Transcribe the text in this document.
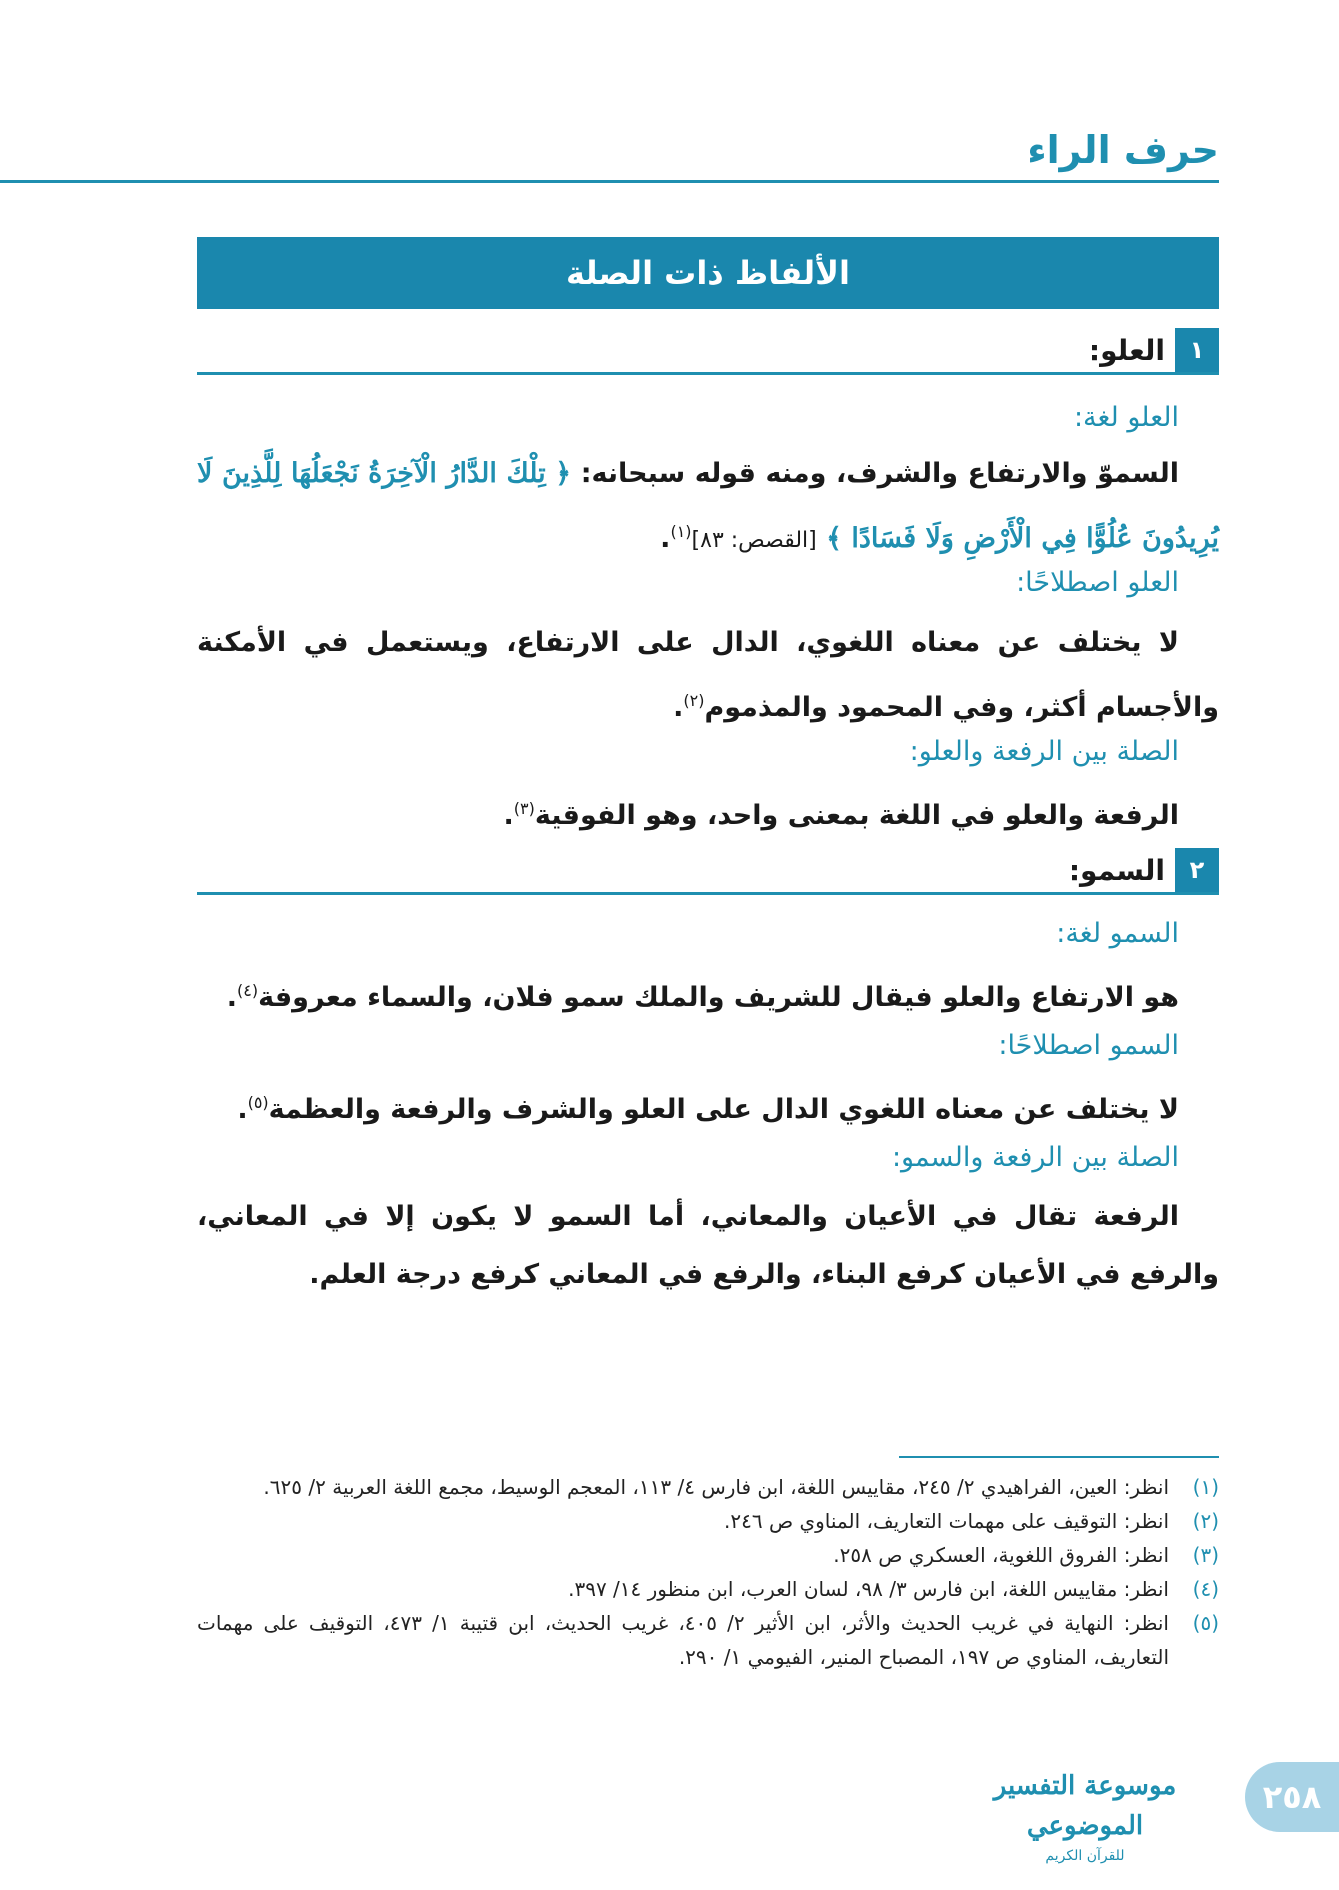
حرف الراء
الألفاظ ذات الصلة
١
العلو:
العلو لغة:
السموّ والارتفاع والشرف، ومنه قوله سبحانه: ﴿ تِلْكَ الدَّارُ الْآخِرَةُ نَجْعَلُهَا لِلَّذِينَ لَا يُرِيدُونَ عُلُوًّا فِي الْأَرْضِ وَلَا فَسَادًا ﴾ [القصص: ٨٣]$^{(١)}$.
العلو اصطلاحًا:
لا يختلف عن معناه اللغوي، الدال على الارتفاع، ويستعمل في الأمكنة والأجسام أكثر، وفي المحمود والمذموم$^{(٢)}$.
الصلة بين الرفعة والعلو:
الرفعة والعلو في اللغة بمعنى واحد، وهو الفوقية$^{(٣)}$.
٢
السمو:
السمو لغة:
هو الارتفاع والعلو فيقال للشريف والملك سمو فلان، والسماء معروفة$^{(٤)}$.
السمو اصطلاحًا:
لا يختلف عن معناه اللغوي الدال على العلو والشرف والرفعة والعظمة$^{(٥)}$.
الصلة بين الرفعة والسمو:
الرفعة تقال في الأعيان والمعاني، أما السمو لا يكون إلا في المعاني، والرفع في الأعيان كرفع البناء، والرفع في المعاني كرفع درجة العلم.
(١)
انظر: العين، الفراهيدي ٢/ ٢٤٥، مقاييس اللغة، ابن فارس ٤/ ١١٣، المعجم الوسيط، مجمع اللغة العربية ٢/ ٦٢٥.
(٢)
انظر: التوقيف على مهمات التعاريف، المناوي ص ٢٤٦.
(٣)
انظر: الفروق اللغوية، العسكري ص ٢٥٨.
(٤)
انظر: مقاييس اللغة، ابن فارس ٣/ ٩٨، لسان العرب، ابن منظور ١٤/ ٣٩٧.
(٥)
انظر: النهاية في غريب الحديث والأثر، ابن الأثير ٢/ ٤٠٥، غريب الحديث، ابن قتيبة ١/ ٤٧٣، التوقيف على مهمات التعاريف، المناوي ص ١٩٧، المصباح المنير، الفيومي ١/ ٢٩٠.
موسوعة التفسير الموضوعي
للقرآن الكريم
٢٥٨
